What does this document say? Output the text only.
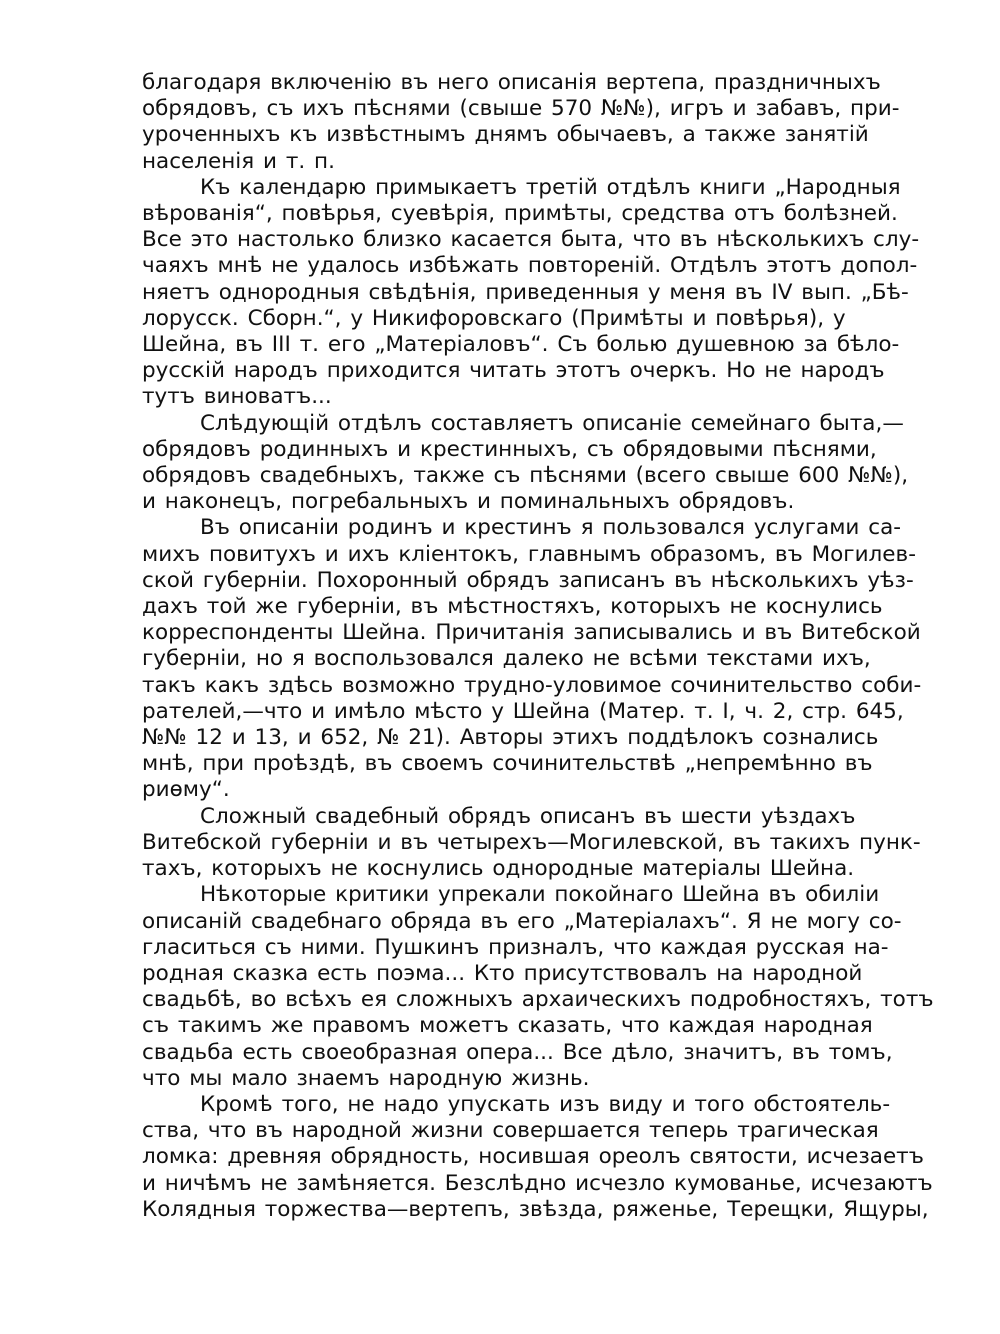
благодаря включенію въ него описанія вертепа, праздничныхъ
обрядовъ, съ ихъ пѣснями (свыше 570 №№), игръ и забавъ, при-
уроченныхъ къ извѣстнымъ днямъ обычаевъ, а также занятій
населенія и т. п.

Къ календарю примыкаетъ третій отдѣлъ книги „Народныя
вѣрованія“, повѣрья, суевѣрія, примѣты, средства отъ болѣзней.
Все это настолько близко касается быта, что въ нѣсколькихъ слу-
чаяхъ мнѣ не удалось избѣжать повтореній. Отдѣлъ этотъ допол-
няетъ однородныя свѣдѣнія, приведенныя у меня въ IV вып. „Бѣ-
лорусск. Сборн.“, у Никифоровскаго (Примѣты и повѣрья), у
Шейна, въ III т. его „Матеріаловъ“. Съ болью душевною за бѣло-
русскій народъ приходится читать этотъ очеркъ. Но не народъ
тутъ виноватъ...

Слѣдующій отдѣлъ составляетъ описаніе семейнаго быта,—
обрядовъ родинныхъ и крестинныхъ, съ обрядовыми пѣснями,
обрядовъ свадебныхъ, также съ пѣснями (всего свыше 600 №№),
и наконецъ, погребальныхъ и поминальныхъ обрядовъ.

Въ описаніи родинъ и крестинъ я пользовался услугами са-
михъ повитухъ и ихъ кліентокъ, главнымъ образомъ, въ Могилев-
ской губерніи. Похоронный обрядъ записанъ въ нѣсколькихъ уѣз-
дахъ той же губерніи, въ мѣстностяхъ, которыхъ не коснулись
корреспонденты Шейна. Причитанія записывались и въ Витебской
губерніи, но я воспользовался далеко не всѣми текстами ихъ,
такъ какъ здѣсь возможно трудно-уловимое сочинительство соби-
рателей,—что и имѣло мѣсто у Шейна (Матер. т. I, ч. 2, стр. 645,
№№ 12 и 13, и 652, № 21). Авторы этихъ поддѣлокъ сознались
мнѣ, при проѣздѣ, въ своемъ сочинительствѣ „непремѣнно въ
риѳму“.

Сложный свадебный обрядъ описанъ въ шести уѣздахъ
Витебской губерніи и въ четырехъ—Могилевской, въ такихъ пунк-
тахъ, которыхъ не коснулись однородные матеріалы Шейна.

Нѣкоторые критики упрекали покойнаго Шейна въ обиліи
описаній свадебнаго обряда въ его „Матеріалахъ“. Я не могу со-
гласиться съ ними. Пушкинъ призналъ, что каждая русская на-
родная сказка есть поэма... Кто присутствовалъ на народной
свадьбѣ, во всѣхъ ея сложныхъ архаическихъ подробностяхъ, тотъ
съ такимъ же правомъ можетъ сказать, что каждая народная
свадьба есть своеобразная опера... Все дѣло, значитъ, въ томъ,
что мы мало знаемъ народную жизнь.

Кромѣ того, не надо упускать изъ виду и того обстоятель-
ства, что въ народной жизни совершается теперь трагическая
ломка: древняя обрядность, носившая ореолъ святости, исчезаетъ
и ничѣмъ не замѣняется. Безслѣдно исчезло кумованье, исчезаютъ
Колядныя торжества—вертепъ, звѣзда, ряженье, Терещки, Ящуры,
